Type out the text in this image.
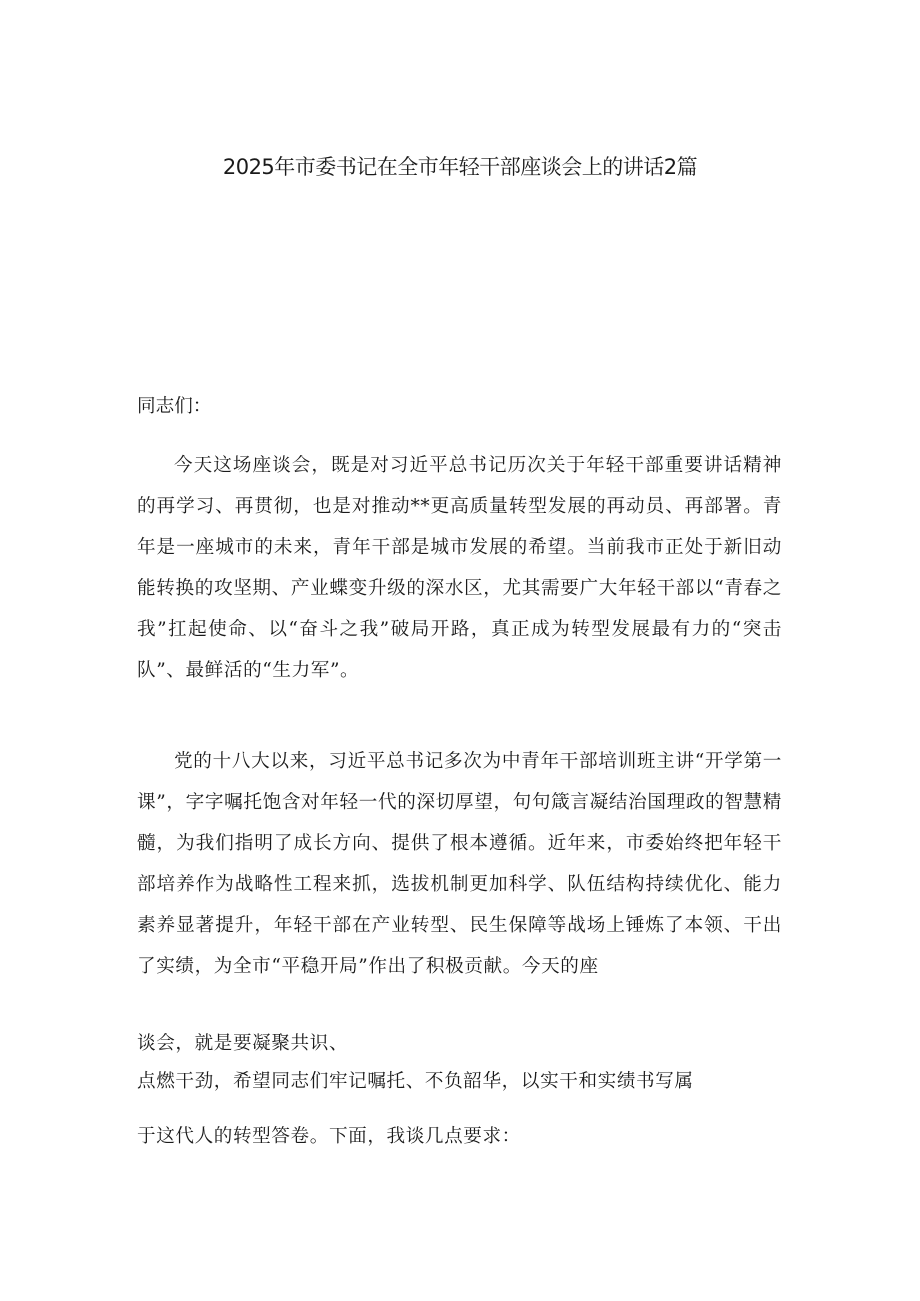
2025年市委书记在全市年轻干部座谈会上的讲话2篇

同志们：

今天这场座谈会，既是对习近平总书记历次关于年轻干部重要讲话精神的再学习、再贯彻，也是对推动**更高质量转型发展的再动员、再部署。青年是一座城市的未来，青年干部是城市发展的希望。当前我市正处于新旧动能转换的攻坚期、产业蝶变升级的深水区，尤其需要广大年轻干部以“青春之我”扛起使命、以“奋斗之我”破局开路，真正成为转型发展最有力的“突击队”、最鲜活的“生力军”。

党的十八大以来，习近平总书记多次为中青年干部培训班主讲“开学第一课”，字字嘱托饱含对年轻一代的深切厚望，句句箴言凝结治国理政的智慧精髓，为我们指明了成长方向、提供了根本遵循。近年来，市委始终把年轻干部培养作为战略性工程来抓，选拔机制更加科学、队伍结构持续优化、能力素养显著提升，年轻干部在产业转型、民生保障等战场上锤炼了本领、干出了实绩，为全市“平稳开局”作出了积极贡献。今天的座

谈会，就是要凝聚共识、

点燃干劲，希望同志们牢记嘱托、不负韶华，以实干和实绩书写属

于这代人的转型答卷。下面，我谈几点要求：
